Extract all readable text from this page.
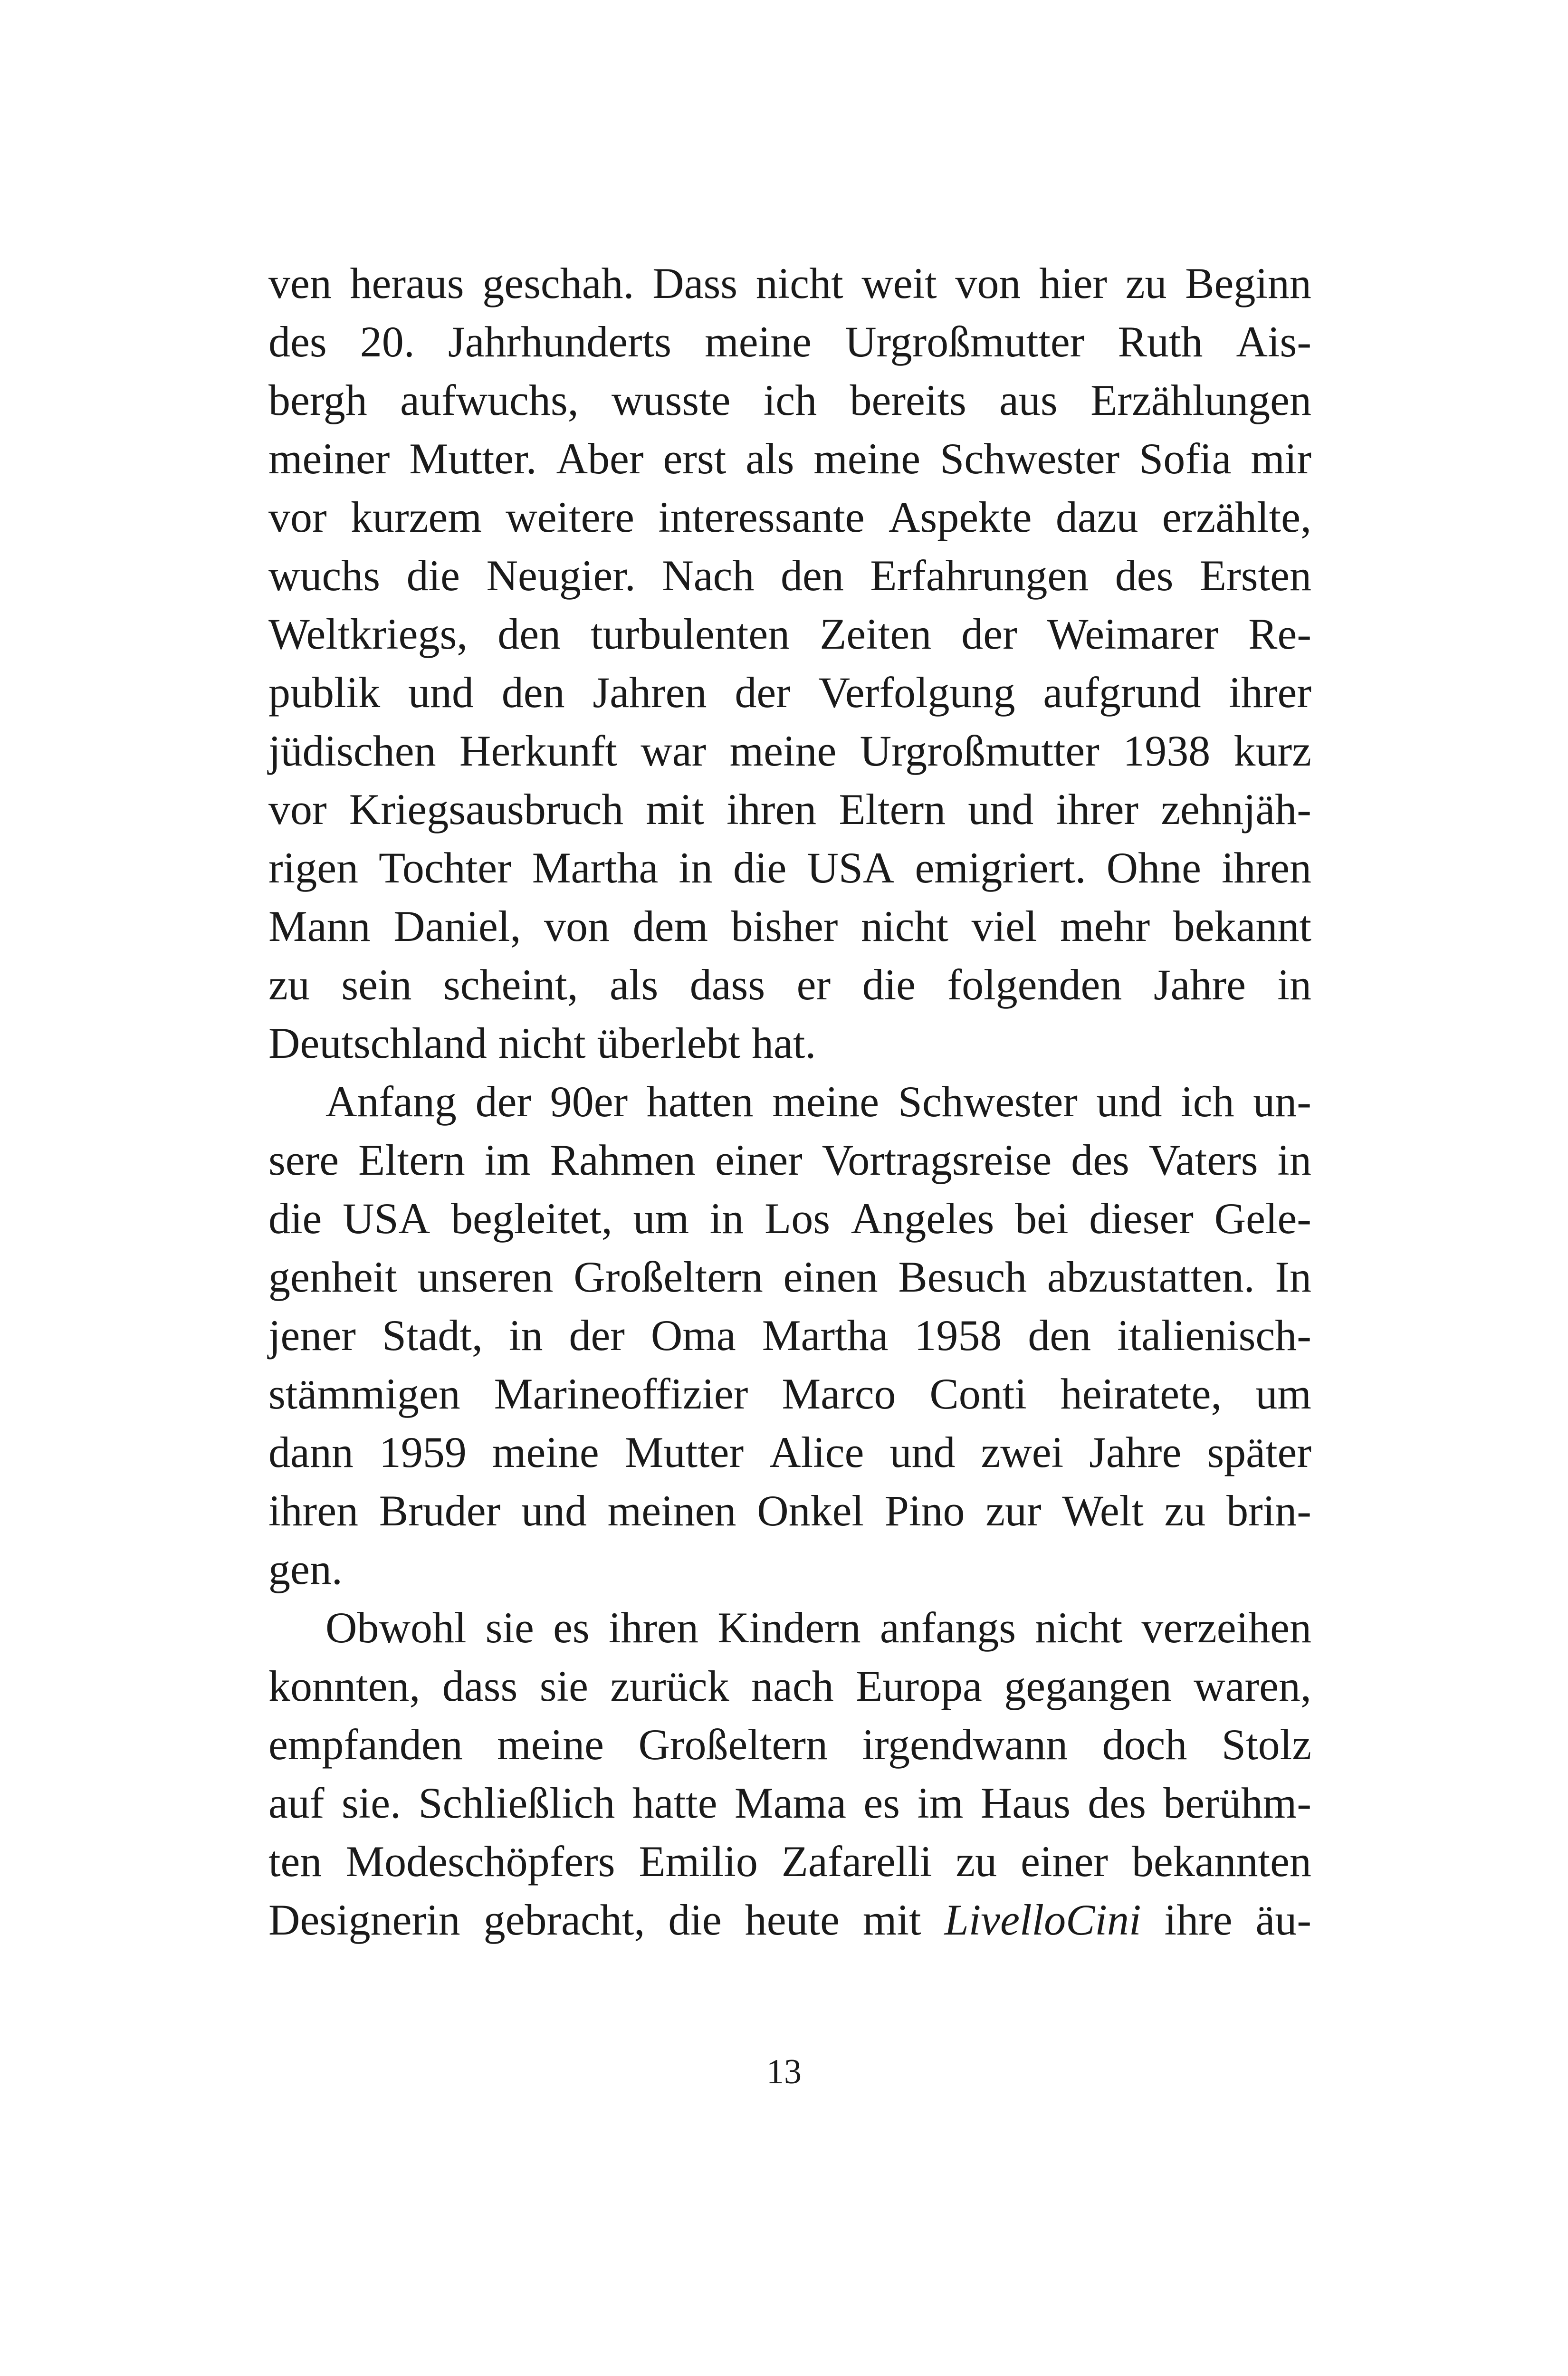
ven heraus geschah. Dass nicht weit von hier zu Beginn
des 20. Jahrhunderts meine Urgroßmutter Ruth Ais-
bergh aufwuchs, wusste ich bereits aus Erzählungen
meiner Mutter. Aber erst als meine Schwester Sofia mir
vor kurzem weitere interessante Aspekte dazu erzählte,
wuchs die Neugier. Nach den Erfahrungen des Ersten
Weltkriegs, den turbulenten Zeiten der Weimarer Re-
publik und den Jahren der Verfolgung aufgrund ihrer
jüdischen Herkunft war meine Urgroßmutter 1938 kurz
vor Kriegsausbruch mit ihren Eltern und ihrer zehnjäh-
rigen Tochter Martha in die USA emigriert. Ohne ihren
Mann Daniel, von dem bisher nicht viel mehr bekannt
zu sein scheint, als dass er die folgenden Jahre in
Deutschland nicht überlebt hat.
Anfang der 90er hatten meine Schwester und ich un-
sere Eltern im Rahmen einer Vortragsreise des Vaters in
die USA begleitet, um in Los Angeles bei dieser Gele-
genheit unseren Großeltern einen Besuch abzustatten. In
jener Stadt, in der Oma Martha 1958 den italienisch-
stämmigen Marineoffizier Marco Conti heiratete, um
dann 1959 meine Mutter Alice und zwei Jahre später
ihren Bruder und meinen Onkel Pino zur Welt zu brin-
gen.
Obwohl sie es ihren Kindern anfangs nicht verzeihen
konnten, dass sie zurück nach Europa gegangen waren,
empfanden meine Großeltern irgendwann doch Stolz
auf sie. Schließlich hatte Mama es im Haus des berühm-
ten Modeschöpfers Emilio Zafarelli zu einer bekannten
Designerin gebracht, die heute mit LivelloCini ihre äu-
13
